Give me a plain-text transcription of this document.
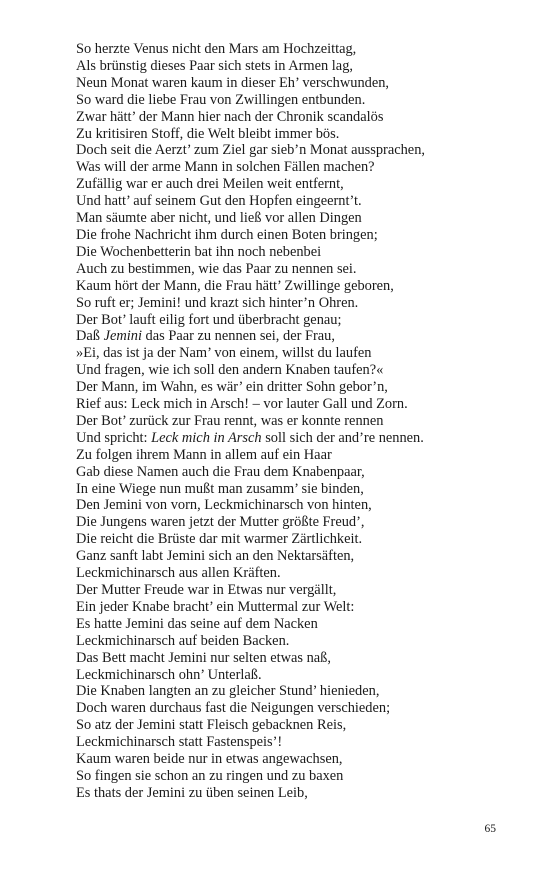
So herzte Venus nicht den Mars am Hochzeittag,
Als brünstig dieses Paar sich stets in Armen lag,
Neun Monat waren kaum in dieser Eh’ verschwunden,
So ward die liebe Frau von Zwillingen entbunden.
Zwar hätt’ der Mann hier nach der Chronik scandalös
Zu kritisiren Stoff, die Welt bleibt immer bös.
Doch seit die Aerzt’ zum Ziel gar sieb’n Monat aussprachen,
Was will der arme Mann in solchen Fällen machen?
Zufällig war er auch drei Meilen weit entfernt,
Und hatt’ auf seinem Gut den Hopfen eingeernt’t.
Man säumte aber nicht, und ließ vor allen Dingen
Die frohe Nachricht ihm durch einen Boten bringen;
Die Wochenbetterin bat ihn noch nebenbei
Auch zu bestimmen, wie das Paar zu nennen sei.
Kaum hört der Mann, die Frau hätt’ Zwillinge geboren,
So ruft er; Jemini! und krazt sich hinter’n Ohren.
Der Bot’ lauft eilig fort und überbracht genau;
Daß Jemini das Paar zu nennen sei, der Frau,
»Ei, das ist ja der Nam’ von einem, willst du laufen
Und fragen, wie ich soll den andern Knaben taufen?«
Der Mann, im Wahn, es wär’ ein dritter Sohn gebor’n,
Rief aus: Leck mich in Arsch! – vor lauter Gall und Zorn.
Der Bot’ zurück zur Frau rennt, was er konnte rennen
Und spricht: Leck mich in Arsch soll sich der and’re nennen.
Zu folgen ihrem Mann in allem auf ein Haar
Gab diese Namen auch die Frau dem Knabenpaar,
In eine Wiege nun mußt man zusamm’ sie binden,
Den Jemini von vorn, Leckmichinarsch von hinten,
Die Jungens waren jetzt der Mutter größte Freud’,
Die reicht die Brüste dar mit warmer Zärtlichkeit.
Ganz sanft labt Jemini sich an den Nektarsäften,
Leckmichinarsch aus allen Kräften.
Der Mutter Freude war in Etwas nur vergällt,
Ein jeder Knabe bracht’ ein Muttermal zur Welt:
Es hatte Jemini das seine auf dem Nacken
Leckmichinarsch auf beiden Backen.
Das Bett macht Jemini nur selten etwas naß,
Leckmichinarsch ohn’ Unterlaß.
Die Knaben langten an zu gleicher Stund’ hienieden,
Doch waren durchaus fast die Neigungen verschieden;
So atz der Jemini statt Fleisch gebacknen Reis,
Leckmichinarsch statt Fastenspeis’!
Kaum waren beide nur in etwas angewachsen,
So fingen sie schon an zu ringen und zu baxen
Es thats der Jemini zu üben seinen Leib,
65
